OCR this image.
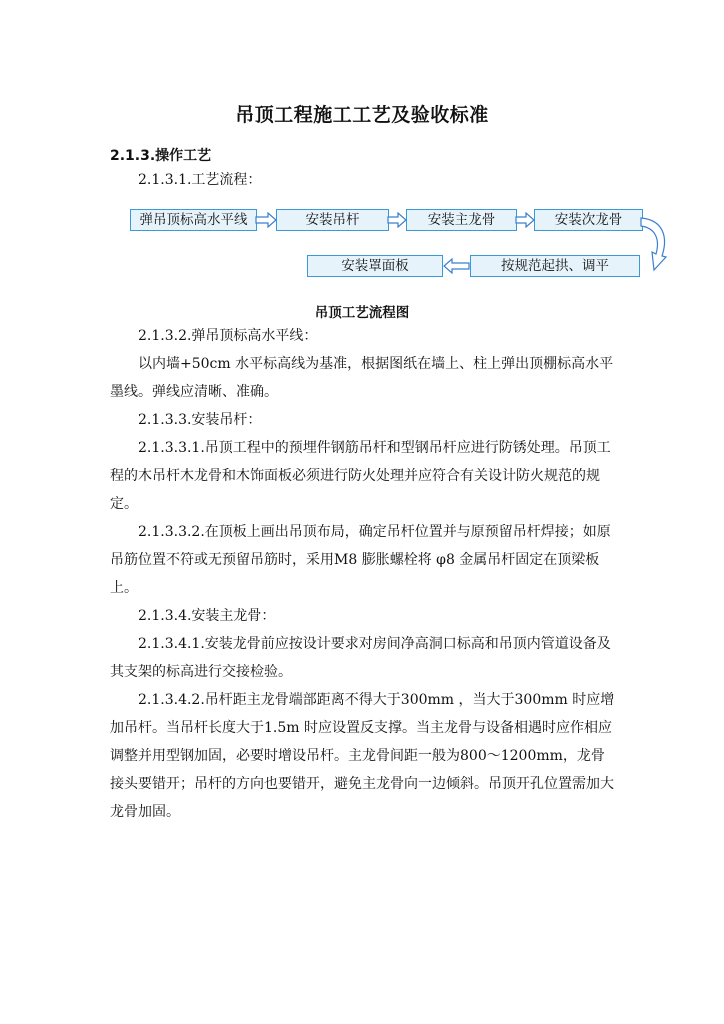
吊顶工程施工工艺及验收标准
2.1.3.操作工艺
2.1.3.1.工艺流程：
弹吊顶标高水平线	安装吊杆	安装主龙骨	安装次龙骨
按规范起拱、调平
安装罩面板
吊顶工艺流程图
2.1.3.2.弹吊顶标高水平线：
以内墙+50cm 水平标高线为基准，根据图纸在墙上、柱上弹出顶棚标高水平墨线。弹线应清晰、准确。
2.1.3.3.安装吊杆：
2.1.3.3.1.吊顶工程中的预埋件钢筋吊杆和型钢吊杆应进行防锈处理。吊顶工程的木吊杆木龙骨和木饰面板必须进行防火处理并应符合有关设计防火规范的规定。
2.1.3.3.2.在顶板上画出吊顶布局，确定吊杆位置并与原预留吊杆焊接；如原吊筋位置不符或无预留吊筋时，采用M8 膨胀螺栓将 φ8 金属吊杆固定在顶梁板上。
2.1.3.4.安装主龙骨：
2.1.3.4.1.安装龙骨前应按设计要求对房间净高洞口标高和吊顶内管道设备及其支架的标高进行交接检验。
2.1.3.4.2.吊杆距主龙骨端部距离不得大于300mm ，当大于300mm 时应增加吊杆。当吊杆长度大于1.5m 时应设置反支撑。当主龙骨与设备相遇时应作相应调整并用型钢加固，必要时增设吊杆。主龙骨间距一般为800～1200mm，龙骨接头要错开；吊杆的方向也要错开，避免主龙骨向一边倾斜。吊顶开孔位置需加大龙骨加固。
